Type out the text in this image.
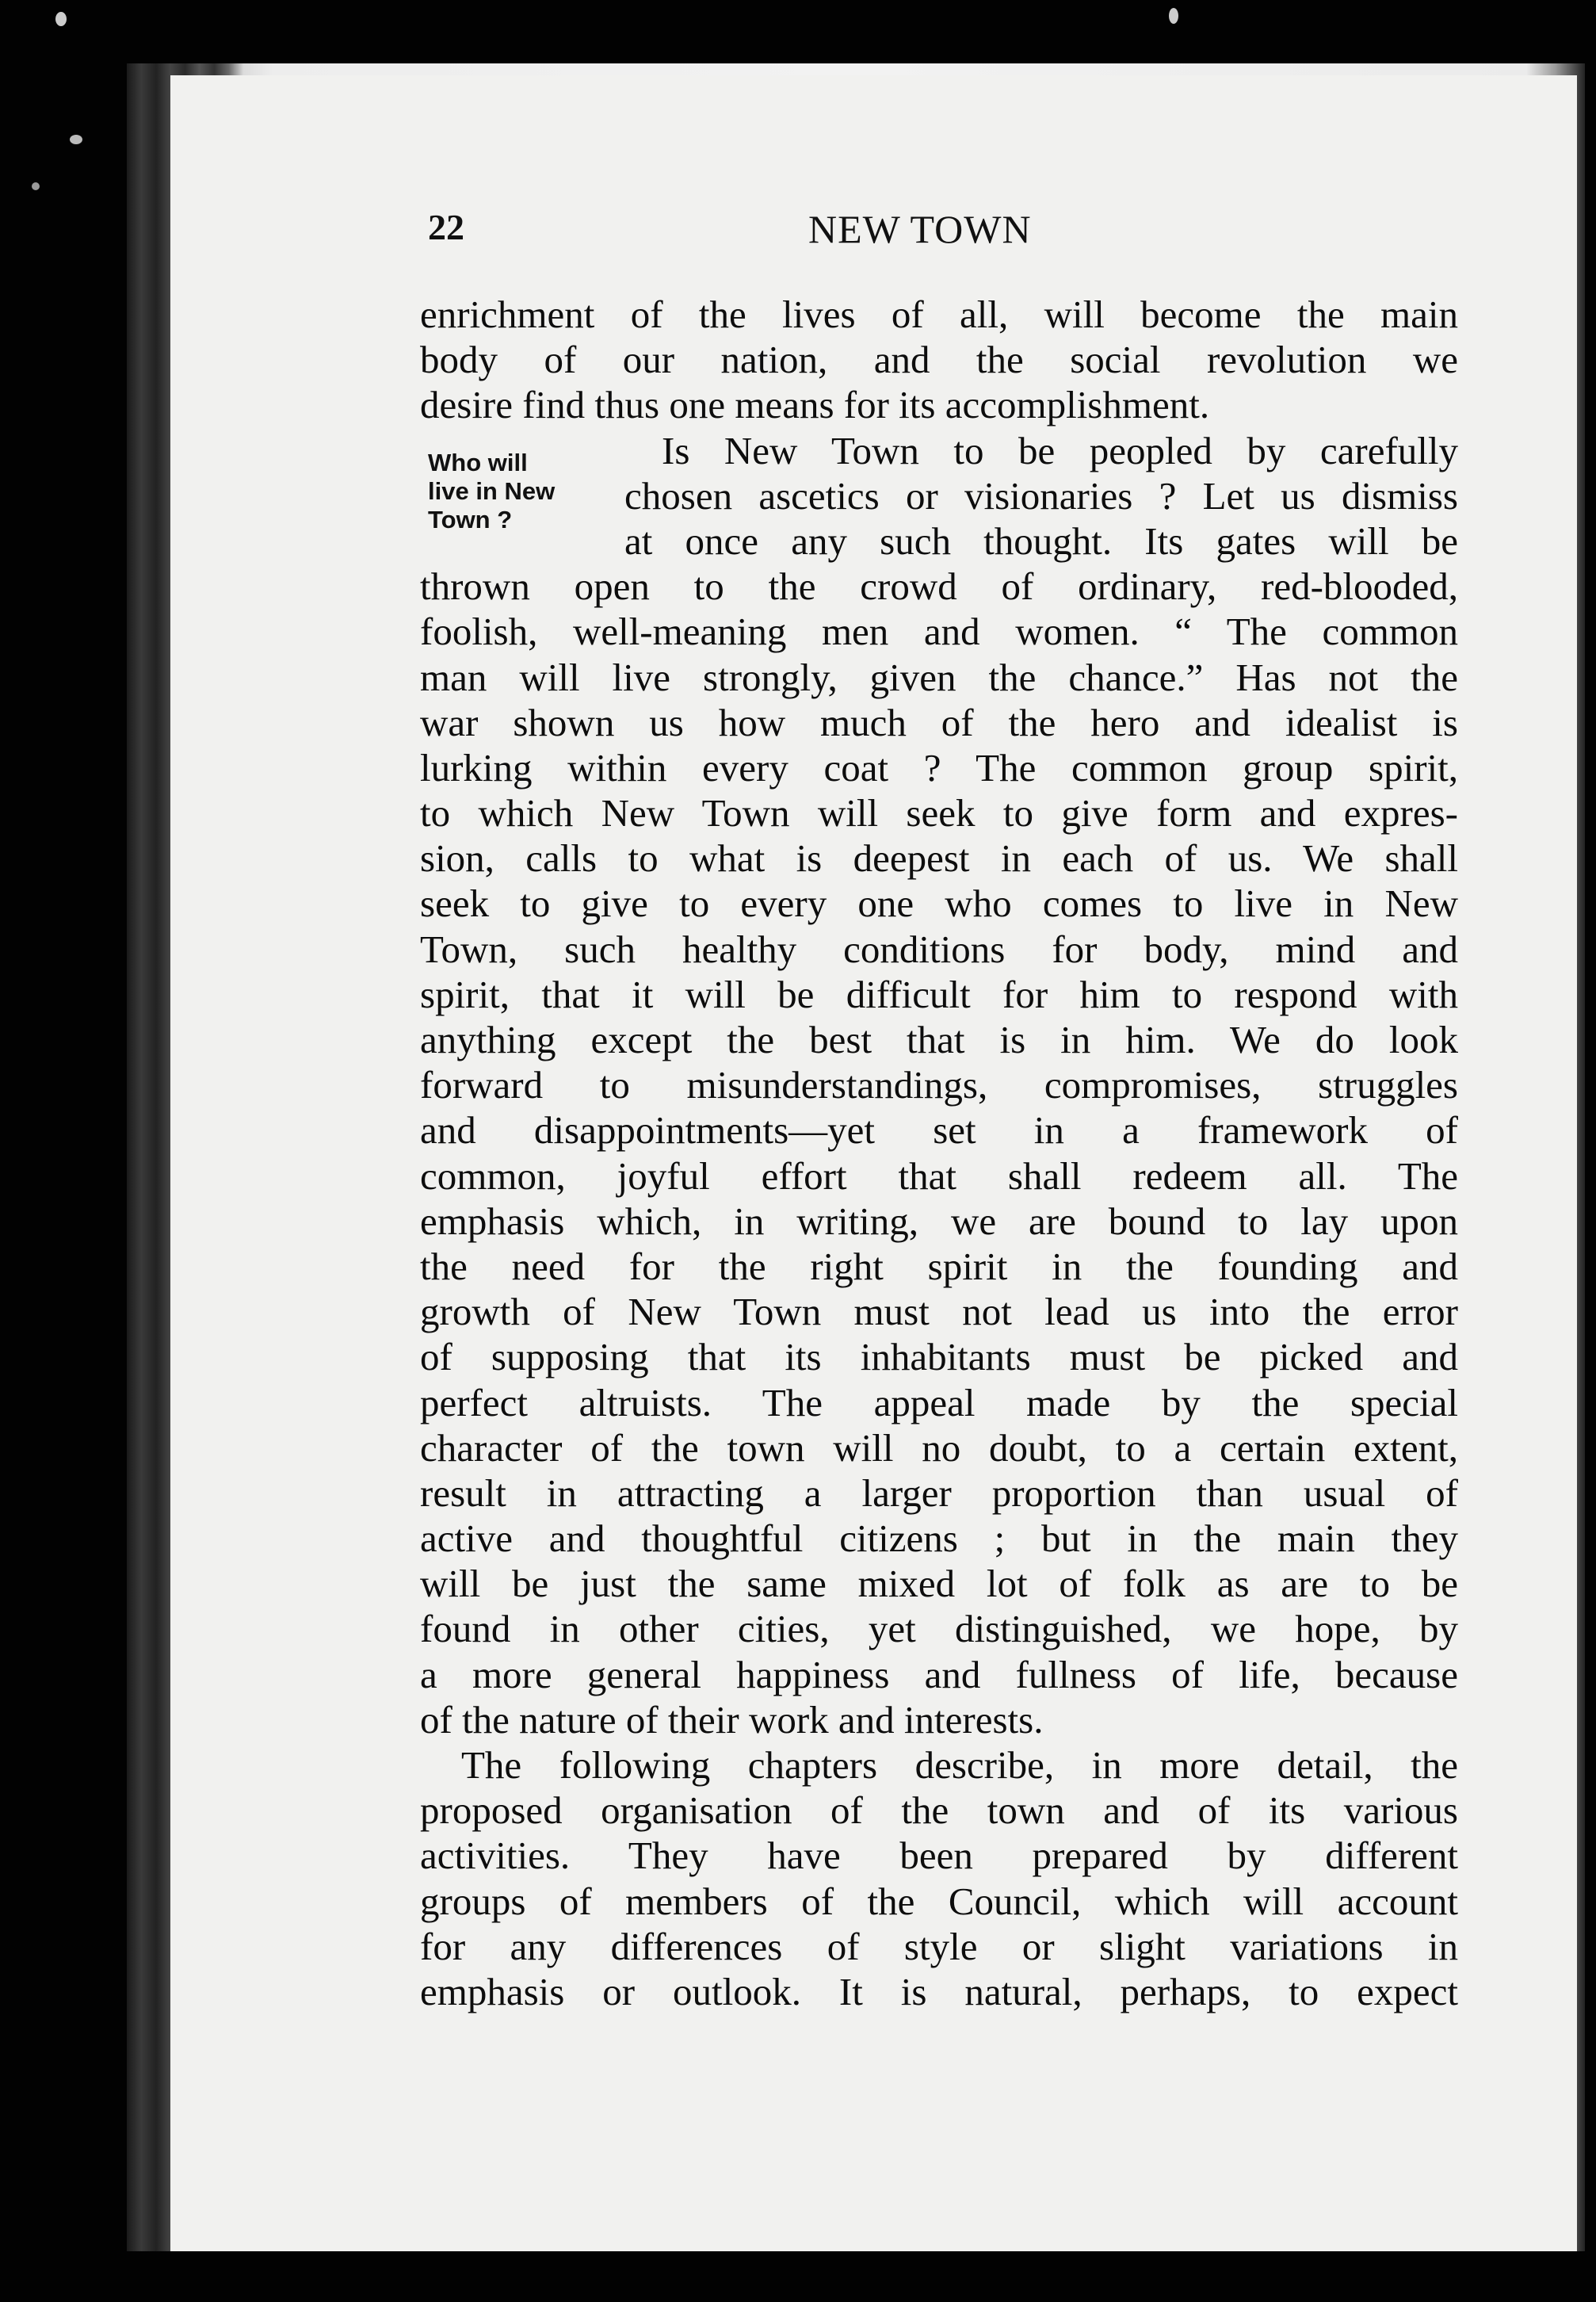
22	NEW TOWN
Who will
live in New
Town ?
enrichment of the lives of all, will become the main
body of our nation, and the social revolution we
desire find thus one means for its accomplishment.
Is New Town to be peopled by carefully
chosen ascetics or visionaries ? Let us dismiss
at once any such thought. Its gates will be
thrown open to the crowd of ordinary, red-blooded,
foolish, well-meaning men and women. “ The common
man will live strongly, given the chance.” Has not the
war shown us how much of the hero and idealist is
lurking within every coat ? The common group spirit,
to which New Town will seek to give form and expres-
sion, calls to what is deepest in each of us. We shall
seek to give to every one who comes to live in New
Town, such healthy conditions for body, mind and
spirit, that it will be difficult for him to respond with
anything except the best that is in him. We do look
forward to misunderstandings, compromises, struggles
and disappointments—yet set in a framework of
common, joyful effort that shall redeem all. The
emphasis which, in writing, we are bound to lay upon
the need for the right spirit in the founding and
growth of New Town must not lead us into the error
of supposing that its inhabitants must be picked and
perfect altruists. The appeal made by the special
character of the town will no doubt, to a certain extent,
result in attracting a larger proportion than usual of
active and thoughtful citizens ; but in the main they
will be just the same mixed lot of folk as are to be
found in other cities, yet distinguished, we hope, by
a more general happiness and fullness of life, because
of the nature of their work and interests.
The following chapters describe, in more detail, the
proposed organisation of the town and of its various
activities. They have been prepared by different
groups of members of the Council, which will account
for any differences of style or slight variations in
emphasis or outlook. It is natural, perhaps, to expect
